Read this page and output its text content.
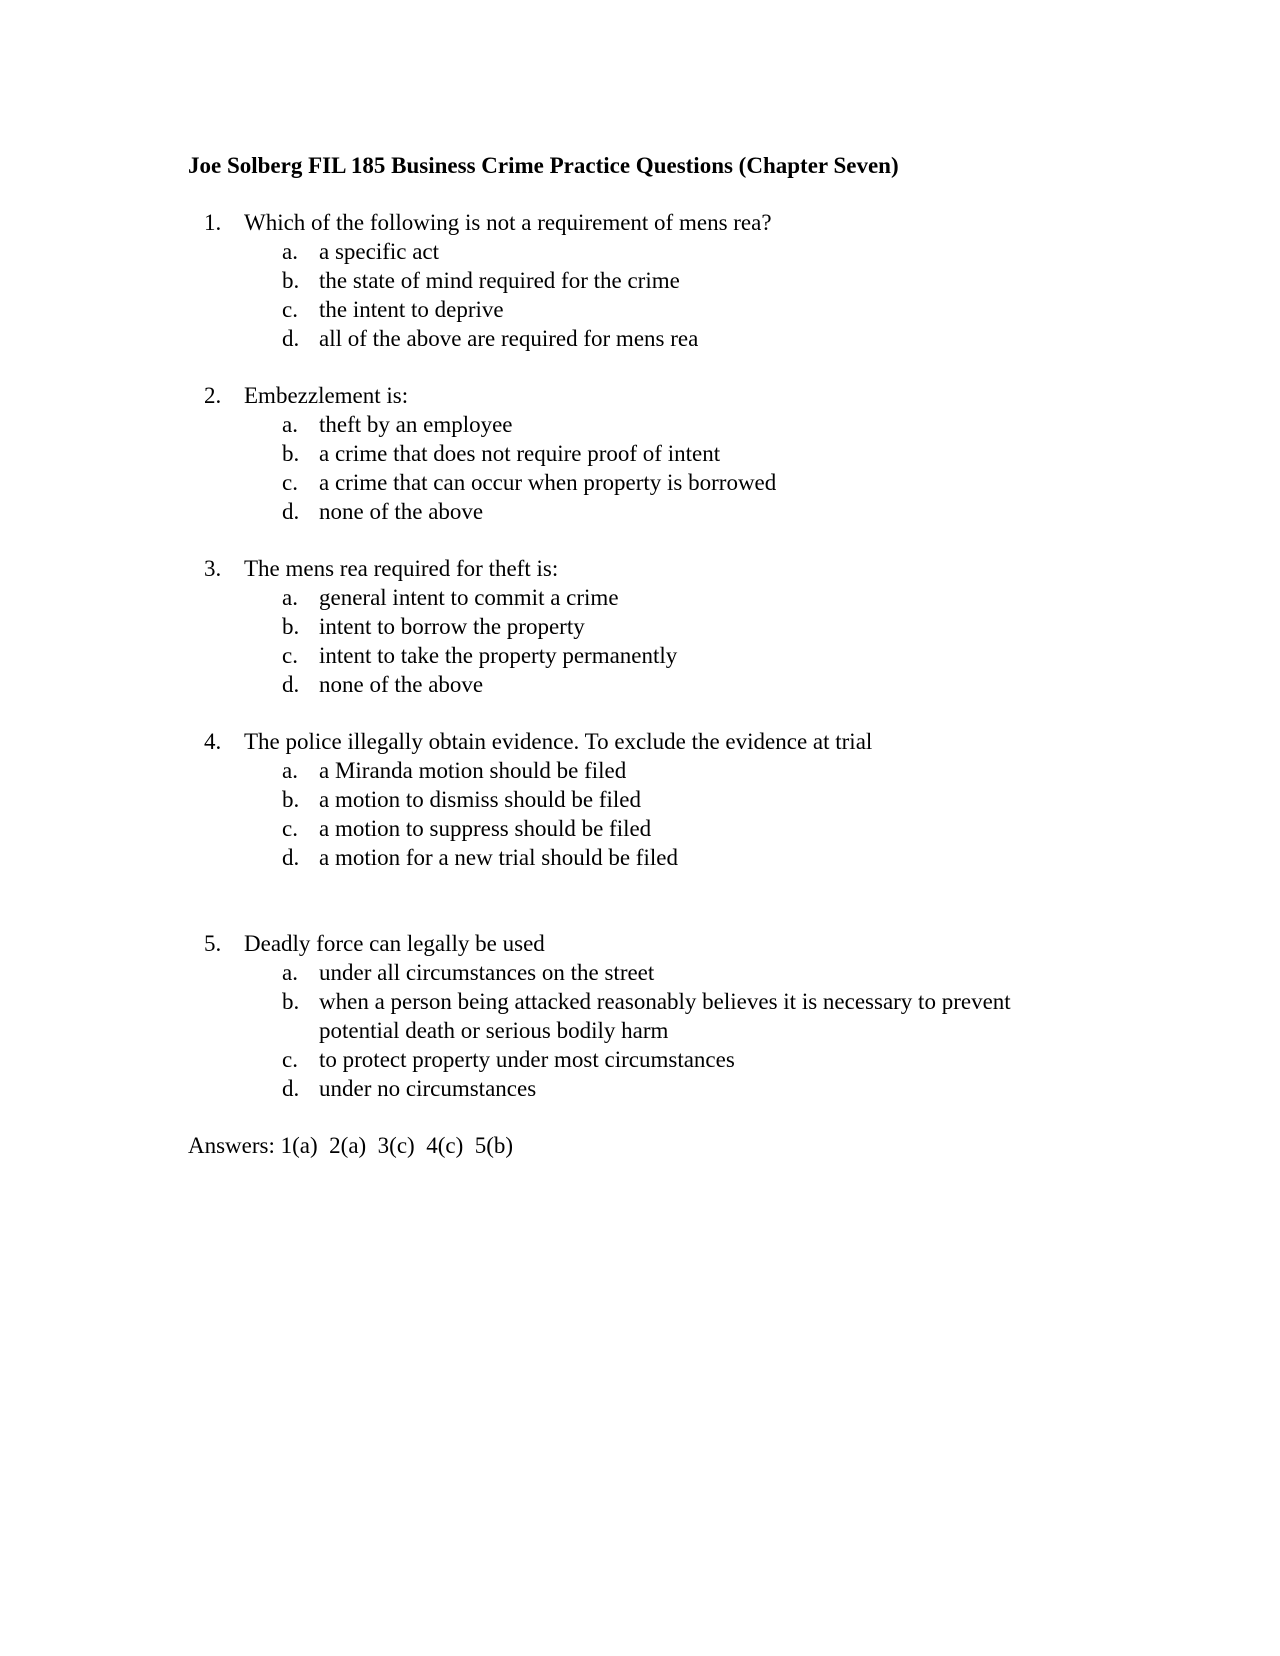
Joe Solberg FIL 185 Business Crime Practice Questions (Chapter Seven)
1. Which of the following is not a requirement of mens rea?
a. a specific act
b. the state of mind required for the crime
c. the intent to deprive
d. all of the above are required for mens rea
2. Embezzlement is:
a. theft by an employee
b. a crime that does not require proof of intent
c. a crime that can occur when property is borrowed
d. none of the above
3. The mens rea required for theft is:
a. general intent to commit a crime
b. intent to borrow the property
c. intent to take the property permanently
d. none of the above
4. The police illegally obtain evidence. To exclude the evidence at trial
a. a Miranda motion should be filed
b. a motion to dismiss should be filed
c. a motion to suppress should be filed
d. a motion for a new trial should be filed
5. Deadly force can legally be used
a. under all circumstances on the street
b. when a person being attacked reasonably believes it is necessary to prevent potential death or serious bodily harm
c. to protect property under most circumstances
d. under no circumstances
Answers: 1(a)  2(a)  3(c)  4(c)  5(b)
